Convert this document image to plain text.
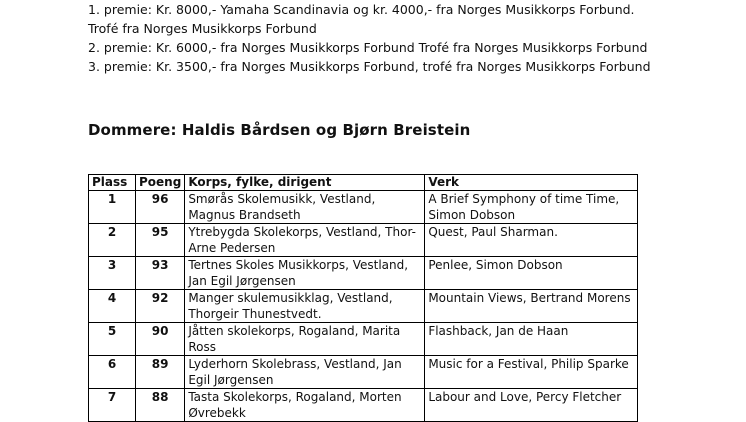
1. premie: Kr. 8000,- Yamaha Scandinavia og kr. 4000,- fra Norges Musikkorps Forbund.
Trofé fra Norges Musikkorps Forbund
2. premie: Kr. 6000,- fra Norges Musikkorps Forbund Trofé fra Norges Musikkorps Forbund
3. premie: Kr. 3500,- fra Norges Musikkorps Forbund, trofé fra Norges Musikkorps Forbund
Dommere: Haldis Bårdsen og Bjørn Breistein
Plass	Poeng	Korps, fylke, dirigent	Verk
1	96	Smørås Skolemusikk, Vestland, Magnus Brandseth	A Brief Symphony of time Time, Simon Dobson
2	95	Ytrebygda Skolekorps, Vestland, Thor-Arne Pedersen	Quest, Paul Sharman.
3	93	Tertnes Skoles Musikkorps, Vestland, Jan Egil Jørgensen	Penlee, Simon Dobson
4	92	Manger skulemusikklag, Vestland, Thorgeir Thunestvedt.	Mountain Views, Bertrand Morens
5	90	Jåtten skolekorps, Rogaland, Marita Ross	Flashback, Jan de Haan
6	89	Lyderhorn Skolebrass, Vestland, Jan Egil Jørgensen	Music for a Festival, Philip Sparke
7	88	Tasta Skolekorps, Rogaland, Morten Øvrebekk	Labour and Love, Percy Fletcher
